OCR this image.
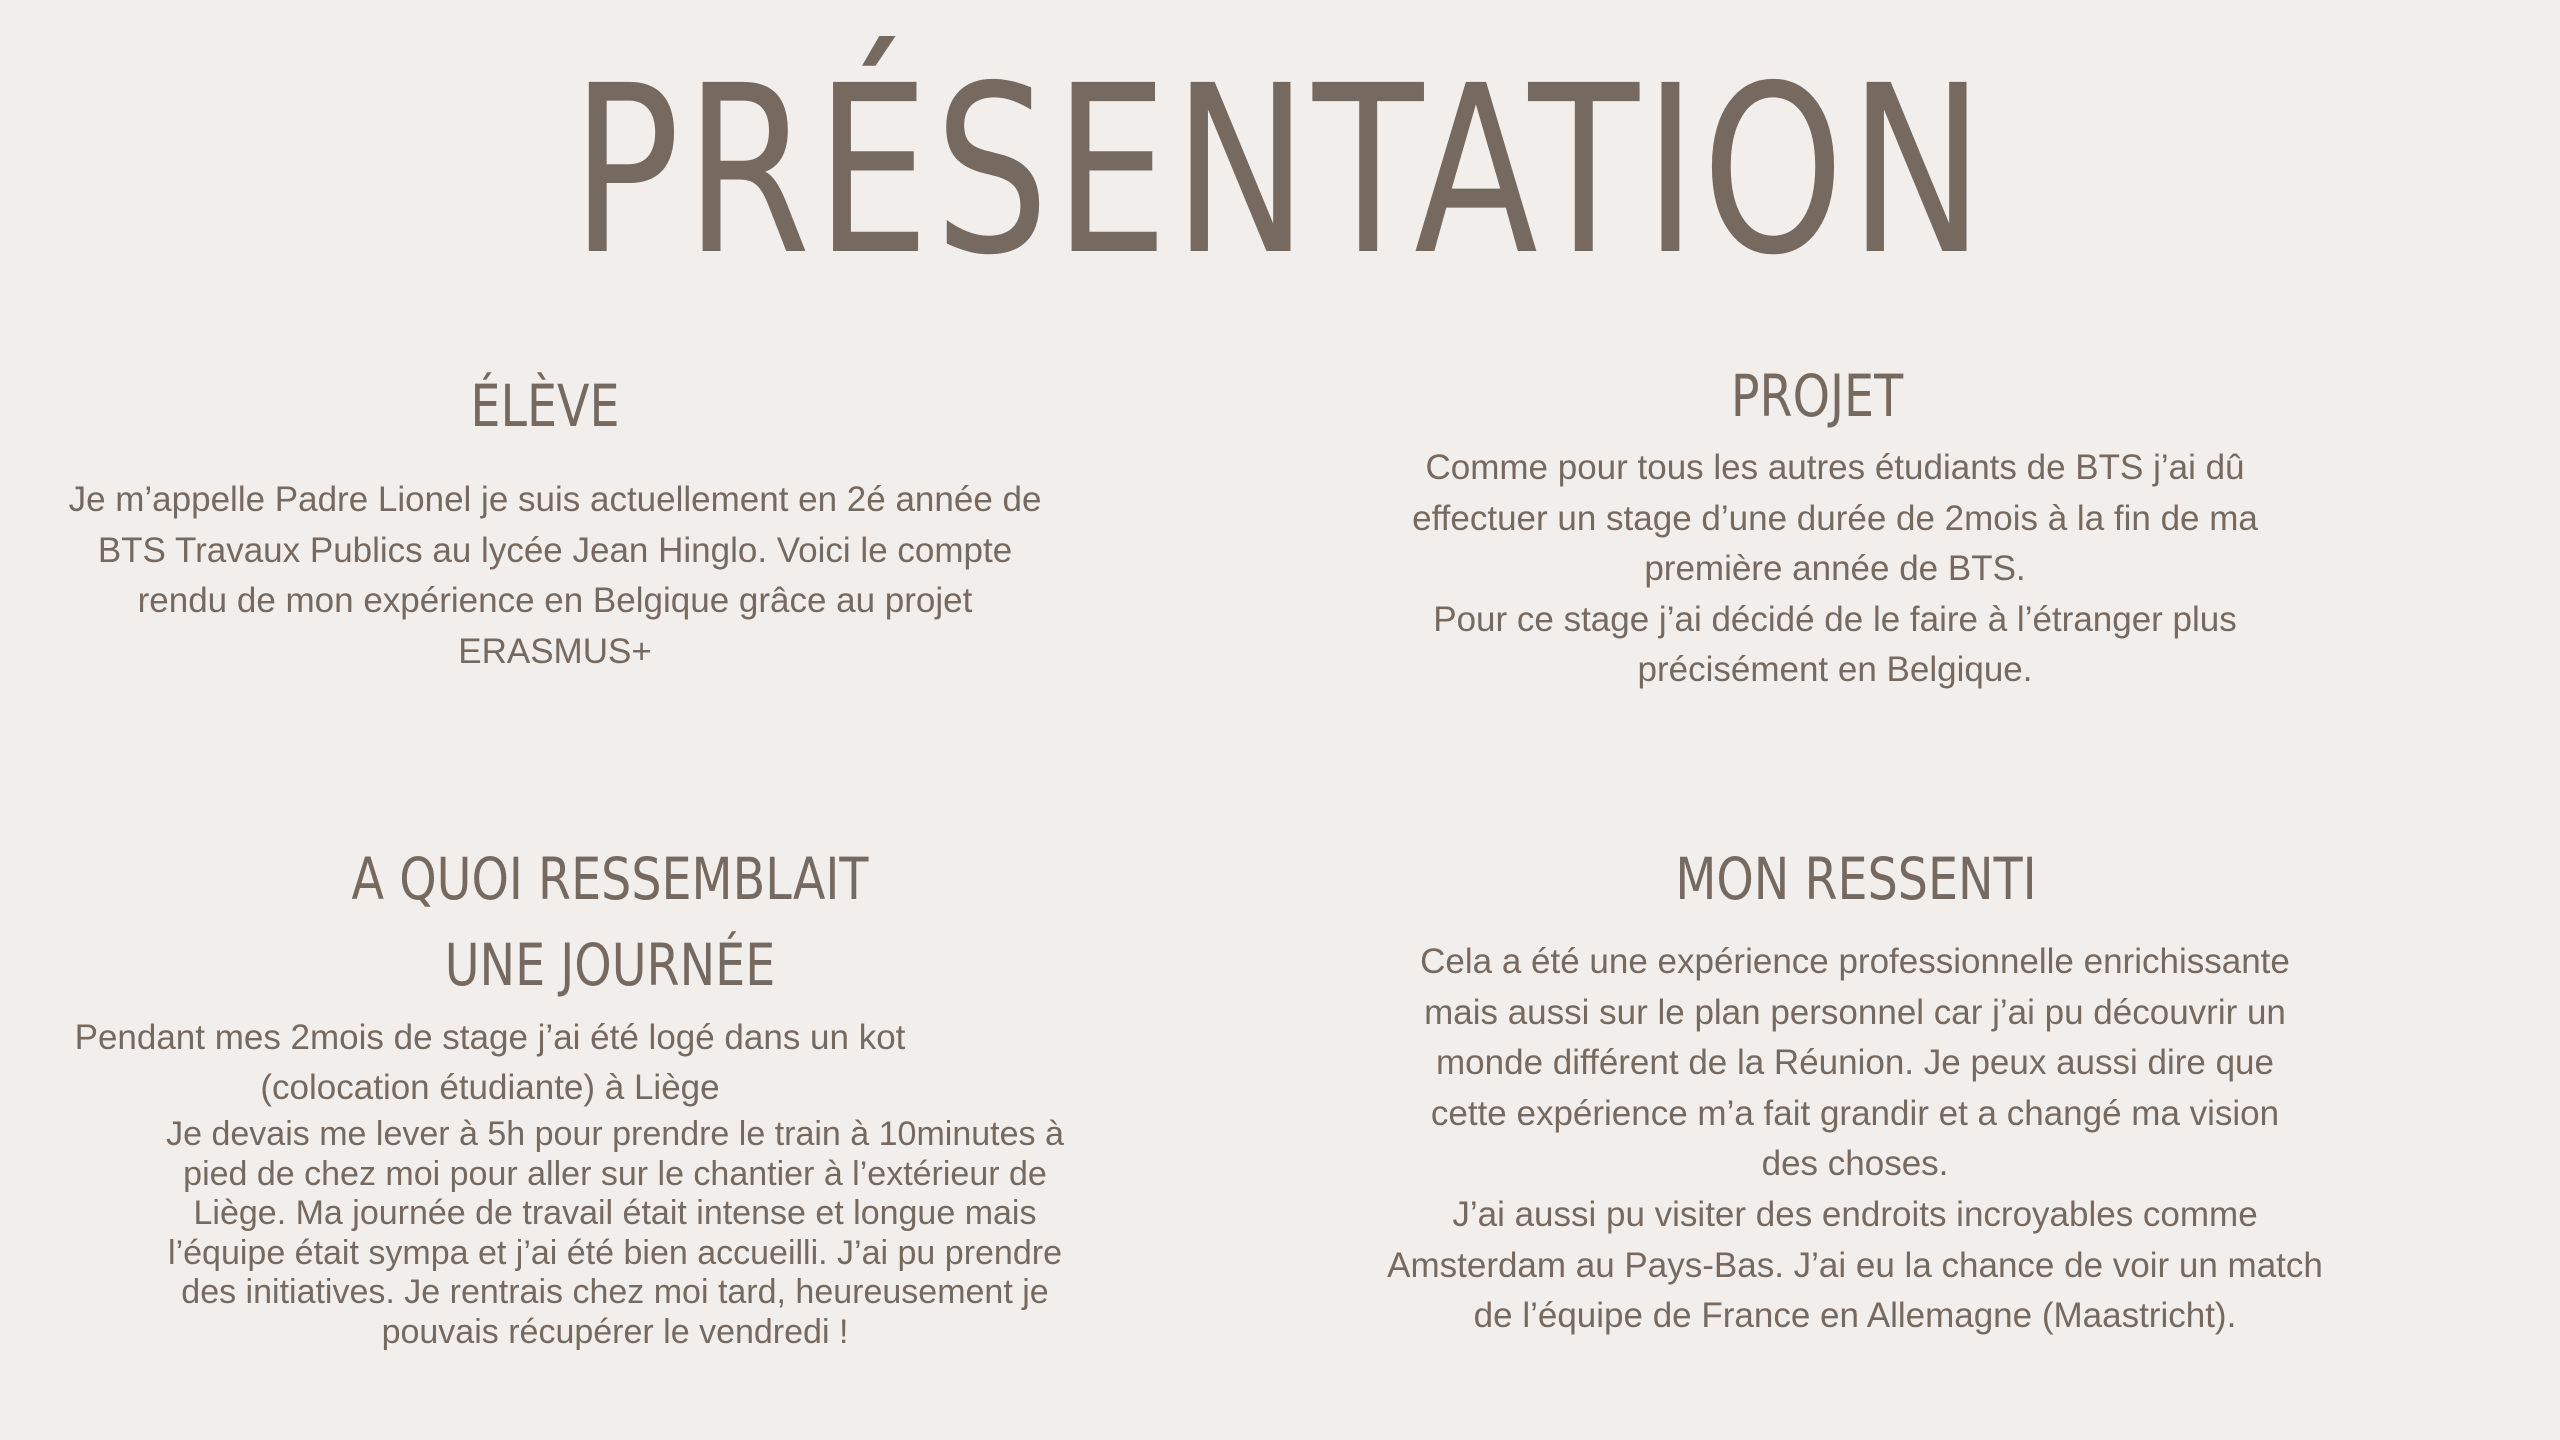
PRÉSENTATION
ÉLÈVE

Je m’appelle Padre Lionel je suis actuellement en 2é année de

BTS Travaux Publics au lycée Jean Hinglo. Voici le compte

rendu de mon expérience en Belgique grâce au projet

ERASMUS+

PROJET

Comme pour tous les autres étudiants de BTS j’ai dû

effectuer un stage d’une durée de 2mois à la fin de ma

première année de BTS.

Pour ce stage j’ai décidé de le faire à l’étranger plus

précisément en Belgique.

A QUOI RESSEMBLAIT
UNE JOURNÉE

Pendant mes 2mois de stage j’ai été logé dans un kot

(colocation étudiante) à Liège

Je devais me lever à 5h pour prendre le train à 10minutes à

pied de chez moi pour aller sur le chantier à l’extérieur de

Liège. Ma journée de travail était intense et longue mais

l’équipe était sympa et j’ai été bien accueilli. J’ai pu prendre

des initiatives. Je rentrais chez moi tard, heureusement je

pouvais récupérer le vendredi !

MON RESSENTI

Cela a été une expérience professionnelle enrichissante

mais aussi sur le plan personnel car j’ai pu découvrir un

monde différent de la Réunion. Je peux aussi dire que

cette expérience m’a fait grandir et a changé ma vision

des choses.

J’ai aussi pu visiter des endroits incroyables comme

Amsterdam au Pays-Bas. J’ai eu la chance de voir un match

de l’équipe de France en Allemagne (Maastricht).
